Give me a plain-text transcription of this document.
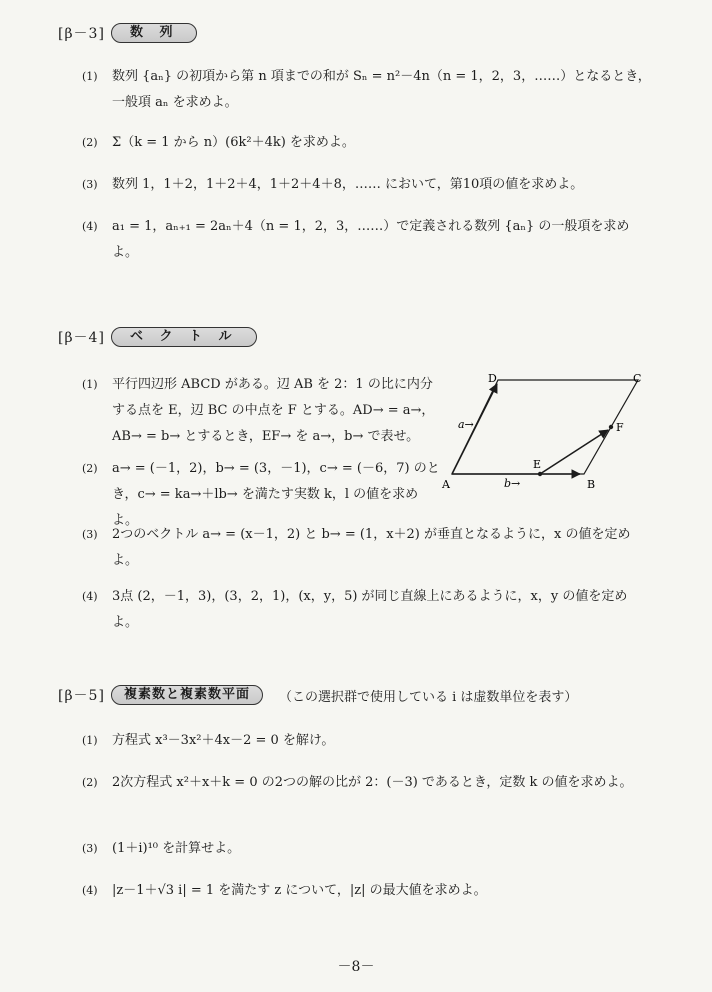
[β－3]	数 列
(1)	数列 {aₙ} の初項から第 n 項までの和が Sₙ = n²－4n（n = 1，2，3，……）となるとき，一般項 aₙ を求めよ。
(2)	Σ（k = 1 から n）(6k²＋4k) を求めよ。
(3)	数列 1，1＋2，1＋2＋4，1＋2＋4＋8，…… において，第10項の値を求めよ。
(4)	a₁ = 1，aₙ₊₁ = 2aₙ＋4（n = 1，2，3，……）で定義される数列 {aₙ} の一般項を求めよ。
[β－4]	ベ ク ト ル
(1)	平行四辺形 ABCD がある。辺 AB を 2：1 の比に内分する点を E，辺 BC の中点を F とする。AD→ = a→，AB→ = b→ とするとき，EF→ を a→，b→ で表せ。
(2)	a→ = (－1，2)，b→ = (3，－1)，c→ = (－6，7) のとき，c→ = ka→＋lb→ を満たす実数 k，l の値を求めよ。
(3)	2つのベクトル a→ = (x－1，2) と b→ = (1，x＋2) が垂直となるように，x の値を定めよ。
(4)	3点 (2，－1，3)，(3，2，1)，(x，y，5) が同じ直線上にあるように，x，y の値を定めよ。
A	B
C
D
E
F
a→
b→
[β－5]	複素数と複素数平面	（この選択群で使用している i は虚数単位を表す）
(1)	方程式 x³－3x²＋4x－2 = 0 を解け。
(2)	2次方程式 x²＋x＋k = 0 の2つの解の比が 2：(－3) であるとき，定数 k の値を求めよ。
(3)	(1＋i)¹⁰ を計算せよ。
(4)	|z－1＋√3 i| = 1 を満たす z について，|z| の最大値を求めよ。
－8－
